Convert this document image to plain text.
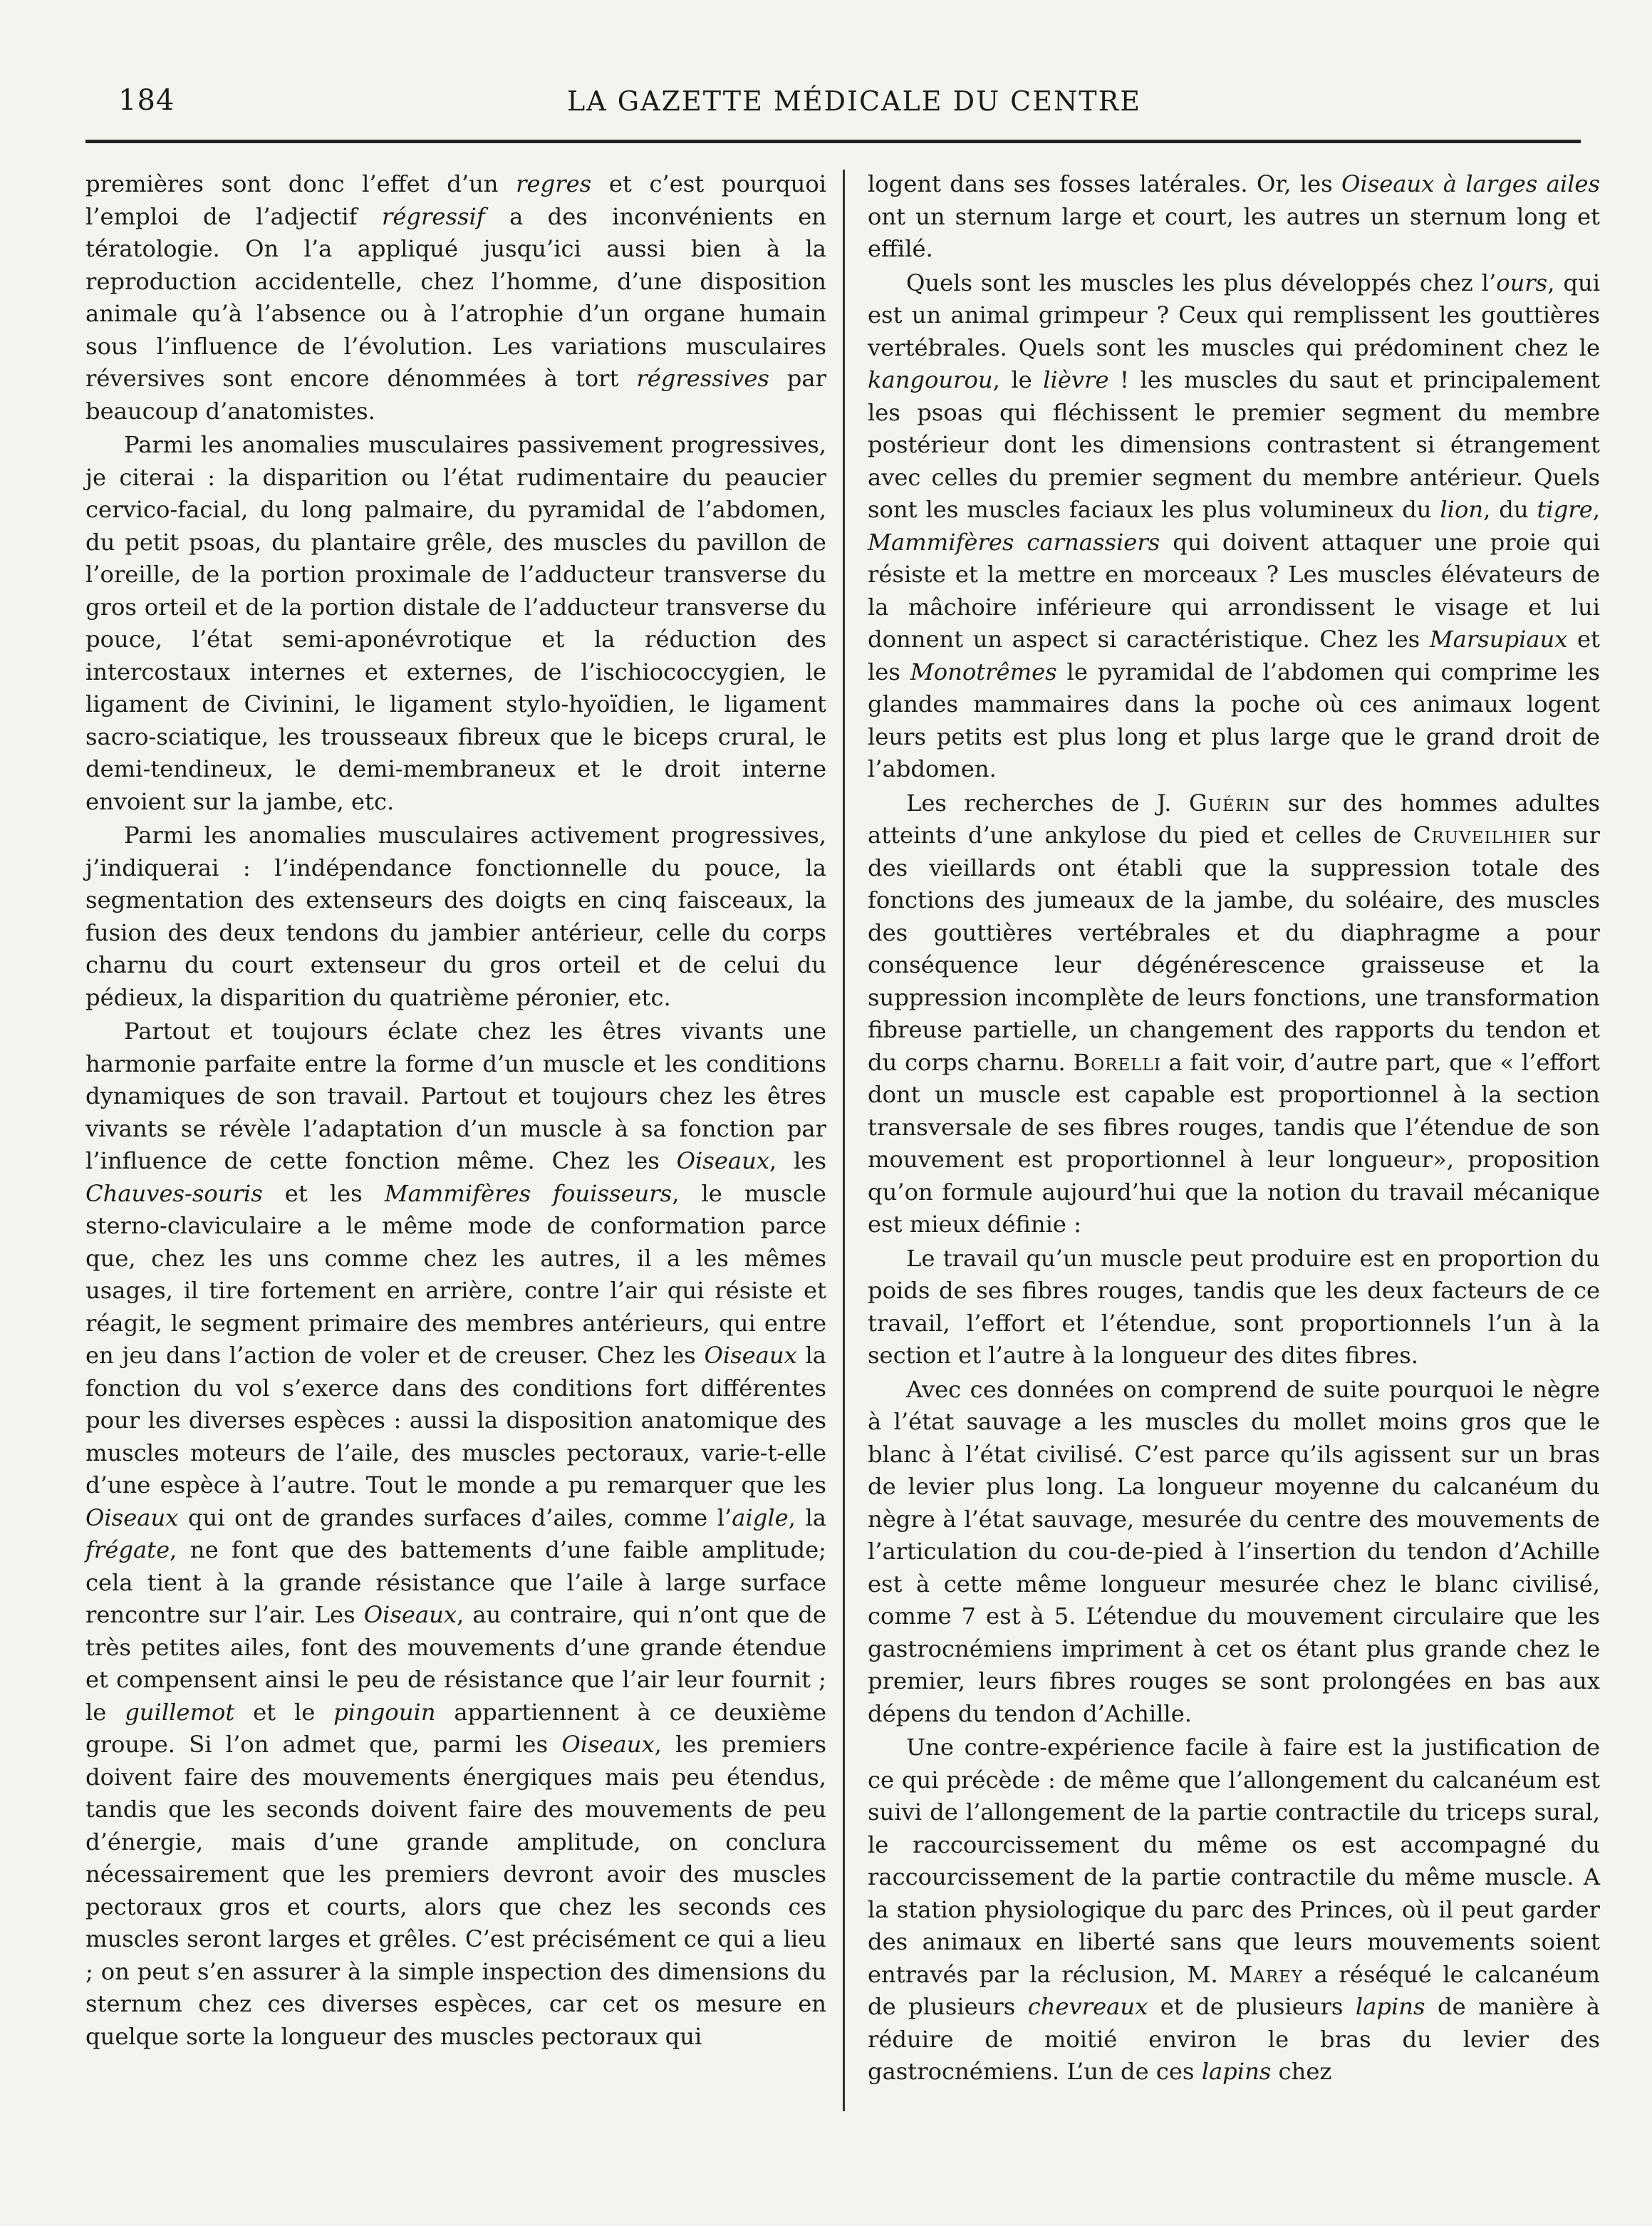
184	LA GAZETTE MÉDICALE DU CENTRE

premières sont donc l’effet d’un regres et c’est pourquoi l’emploi de l’adjectif régressif a des inconvénients en tératologie. On l’a appliqué jusqu’ici aussi bien à la reproduction accidentelle, chez l’homme, d’une disposition animale qu’à l’absence ou à l’atrophie d’un organe humain sous l’influence de l’évolution. Les variations musculaires réversives sont encore dénommées à tort régressives par beaucoup d’anatomistes.

Parmi les anomalies musculaires passivement progressives, je citerai : la disparition ou l’état rudimentaire du peaucier cervico-facial, du long palmaire, du pyramidal de l’abdomen, du petit psoas, du plantaire grêle, des muscles du pavillon de l’oreille, de la portion proximale de l’adducteur transverse du gros orteil et de la portion distale de l’adducteur transverse du pouce, l’état semi-aponévrotique et la réduction des intercostaux internes et externes, de l’ischiococcygien, le ligament de Civinini, le ligament stylo-hyoïdien, le ligament sacro-sciatique, les trousseaux fibreux que le biceps crural, le demi-tendineux, le demi-membraneux et le droit interne envoient sur la jambe, etc.

Parmi les anomalies musculaires activement progressives, j’indiquerai : l’indépendance fonctionnelle du pouce, la segmentation des extenseurs des doigts en cinq faisceaux, la fusion des deux tendons du jambier antérieur, celle du corps charnu du court extenseur du gros orteil et de celui du pédieux, la disparition du quatrième péronier, etc.

Partout et toujours éclate chez les êtres vivants une harmonie parfaite entre la forme d’un muscle et les conditions dynamiques de son travail. Partout et toujours chez les êtres vivants se révèle l’adaptation d’un muscle à sa fonction par l’influence de cette fonction même. Chez les Oiseaux, les Chauves-souris et les Mammifères fouisseurs, le muscle sterno-claviculaire a le même mode de conformation parce que, chez les uns comme chez les autres, il a les mêmes usages, il tire fortement en arrière, contre l’air qui résiste et réagit, le segment primaire des membres antérieurs, qui entre en jeu dans l’action de voler et de creuser. Chez les Oiseaux la fonction du vol s’exerce dans des conditions fort différentes pour les diverses espèces : aussi la disposition anatomique des muscles moteurs de l’aile, des muscles pectoraux, varie-t-elle d’une espèce à l’autre. Tout le monde a pu remarquer que les Oiseaux qui ont de grandes surfaces d’ailes, comme l’aigle, la frégate, ne font que des battements d’une faible amplitude; cela tient à la grande résistance que l’aile à large surface rencontre sur l’air. Les Oiseaux, au contraire, qui n’ont que de très petites ailes, font des mouvements d’une grande étendue et compensent ainsi le peu de résistance que l’air leur fournit ; le guillemot et le pingouin appartiennent à ce deuxième groupe. Si l’on admet que, parmi les Oiseaux, les premiers doivent faire des mouvements énergiques mais peu étendus, tandis que les seconds doivent faire des mouvements de peu d’énergie, mais d’une grande amplitude, on conclura nécessairement que les premiers devront avoir des muscles pectoraux gros et courts, alors que chez les seconds ces muscles seront larges et grêles. C’est précisément ce qui a lieu ; on peut s’en assurer à la simple inspection des dimensions du sternum chez ces diverses espèces, car cet os mesure en quelque sorte la longueur des muscles pectoraux qui

logent dans ses fosses latérales. Or, les Oiseaux à larges ailes ont un sternum large et court, les autres un sternum long et effilé.

Quels sont les muscles les plus développés chez l’ours, qui est un animal grimpeur ? Ceux qui remplissent les gouttières vertébrales. Quels sont les muscles qui prédominent chez le kangourou, le lièvre ! les muscles du saut et principalement les psoas qui fléchissent le premier segment du membre postérieur dont les dimensions contrastent si étrangement avec celles du premier segment du membre antérieur. Quels sont les muscles faciaux les plus volumineux du lion, du tigre, Mammifères carnassiers qui doivent attaquer une proie qui résiste et la mettre en morceaux ? Les muscles élévateurs de la mâchoire inférieure qui arrondissent le visage et lui donnent un aspect si caractéristique. Chez les Marsupiaux et les Monotrêmes le pyramidal de l’abdomen qui comprime les glandes mammaires dans la poche où ces animaux logent leurs petits est plus long et plus large que le grand droit de l’abdomen.

Les recherches de J. Guérin sur des hommes adultes atteints d’une ankylose du pied et celles de Cruveilhier sur des vieillards ont établi que la suppression totale des fonctions des jumeaux de la jambe, du soléaire, des muscles des gouttières vertébrales et du diaphragme a pour conséquence leur dégénérescence graisseuse et la suppression incomplète de leurs fonctions, une transformation fibreuse partielle, un changement des rapports du tendon et du corps charnu. Borelli a fait voir, d’autre part, que « l’effort dont un muscle est capable est proportionnel à la section transversale de ses fibres rouges, tandis que l’étendue de son mouvement est proportionnel à leur longueur», proposition qu’on formule aujourd’hui que la notion du travail mécanique est mieux définie :

Le travail qu’un muscle peut produire est en proportion du poids de ses fibres rouges, tandis que les deux facteurs de ce travail, l’effort et l’étendue, sont proportionnels l’un à la section et l’autre à la longueur des dites fibres.

Avec ces données on comprend de suite pourquoi le nègre à l’état sauvage a les muscles du mollet moins gros que le blanc à l’état civilisé. C’est parce qu’ils agissent sur un bras de levier plus long. La longueur moyenne du calcanéum du nègre à l’état sauvage, mesurée du centre des mouvements de l’articulation du cou-de-pied à l’insertion du tendon d’Achille est à cette même longueur mesurée chez le blanc civilisé, comme 7 est à 5. L’étendue du mouvement circulaire que les gastrocnémiens impriment à cet os étant plus grande chez le premier, leurs fibres rouges se sont prolongées en bas aux dépens du tendon d’Achille.

Une contre-expérience facile à faire est la justification de ce qui précède : de même que l’allongement du calcanéum est suivi de l’allongement de la partie contractile du triceps sural, le raccourcissement du même os est accompagné du raccourcissement de la partie contractile du même muscle. A la station physiologique du parc des Princes, où il peut garder des animaux en liberté sans que leurs mouvements soient entravés par la réclusion, M. Marey a réséqué le calcanéum de plusieurs chevreaux et de plusieurs lapins de manière à réduire de moitié environ le bras du levier des gastrocnémiens. L’un de ces lapins chez
